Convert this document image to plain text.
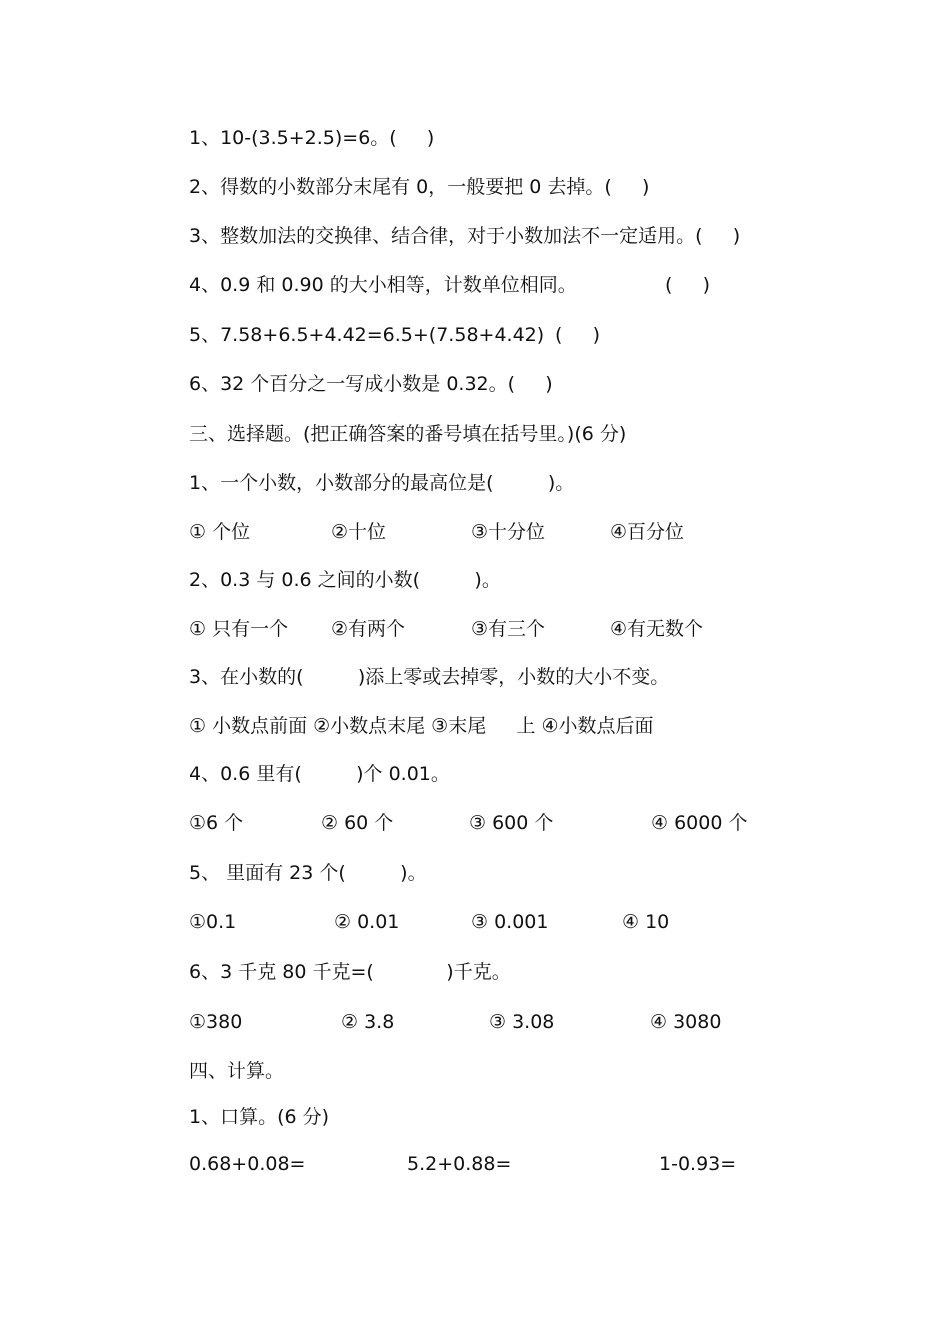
1、10-(3.5+2.5)=6。(     )
2、得数的小数部分末尾有 0，一般要把 0 去掉。(     )
3、整数加法的交换律、结合律，对于小数加法不一定适用。(     )

4、0.9 和 0.90 的大小相等，计数单位相同。

	(     )

5、7.58+6.5+4.42=6.5+(7.58+4.42)

(     )

6、32 个百分之一写成小数是 0.32。(     )
三、选择题。(把正确答案的番号填在括号里。)(6 分)
1、一个小数，小数部分的最高位是(         )。

① 个位

	②十位

	③十分位

	④百分位

2、0.3 与 0.6 之间的小数(         )。

① 只有一个

②有两个

	③有三个

	④有无数个

3、在小数的(         )添上零或去掉零，小数的大小不变。
① 小数点前面 ②小数点末尾 ③末尾     上 ④小数点后面
4、0.6 里有(         )个 0.01。

①6 个

	② 60 个

	③ 600 个

	④ 6000 个

5、 里面有 23 个(         )。

①0.1

	② 0.01

	③ 0.001

	④ 10

6、3 千克 80 千克=(            )千克。

①380

	② 3.8

	③ 3.08

	④ 3080

四、计算。
1、口算。(6 分)

0.68+0.08=

	5.2+0.88=

	1-0.93=
